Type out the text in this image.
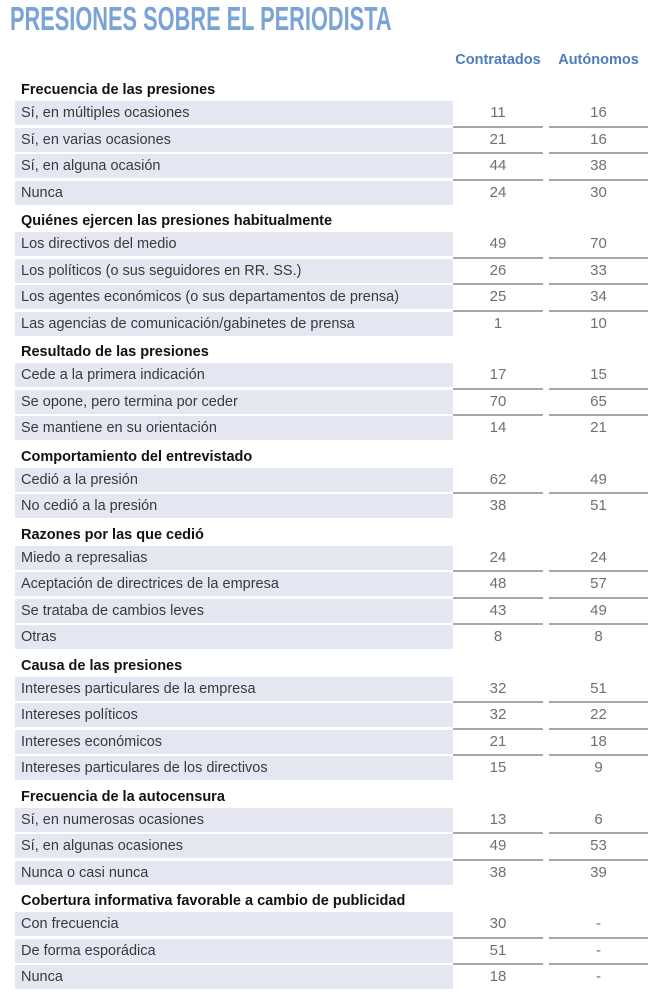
PRESIONES SOBRE EL PERIODISTA
Contratados	Autónomos
Frecuencia de las presiones
Sí, en múltiples ocasiones	11	16
Sí, en varias ocasiones	21	16
Sí, en alguna ocasión	44	38
Nunca	24	30
Quiénes ejercen las presiones habitualmente
Los directivos del medio	49	70
Los políticos (o sus seguidores en RR. SS.)	26	33
Los agentes económicos (o sus departamentos de prensa)	25	34
Las agencias de comunicación/gabinetes de prensa	1	10
Resultado de las presiones
Cede a la primera indicación	17	15
Se opone, pero termina por ceder	70	65
Se mantiene en su orientación	14	21
Comportamiento del entrevistado
Cedió a la presión	62	49
No cedió a la presión	38	51
Razones por las que cedió
Miedo a represalias	24	24
Aceptación de directrices de la empresa	48	57
Se trataba de cambios leves	43	49
Otras	8	8
Causa de las presiones
Intereses particulares de la empresa	32	51
Intereses políticos	32	22
Intereses económicos	21	18
Intereses particulares de los directivos	15	9
Frecuencia de la autocensura
Sí, en numerosas ocasiones	13	6
Sí, en algunas ocasiones	49	53
Nunca o casi nunca	38	39
Cobertura informativa favorable a cambio de publicidad
Con frecuencia	30	-
De forma esporádica	51	-
Nunca	18	-
